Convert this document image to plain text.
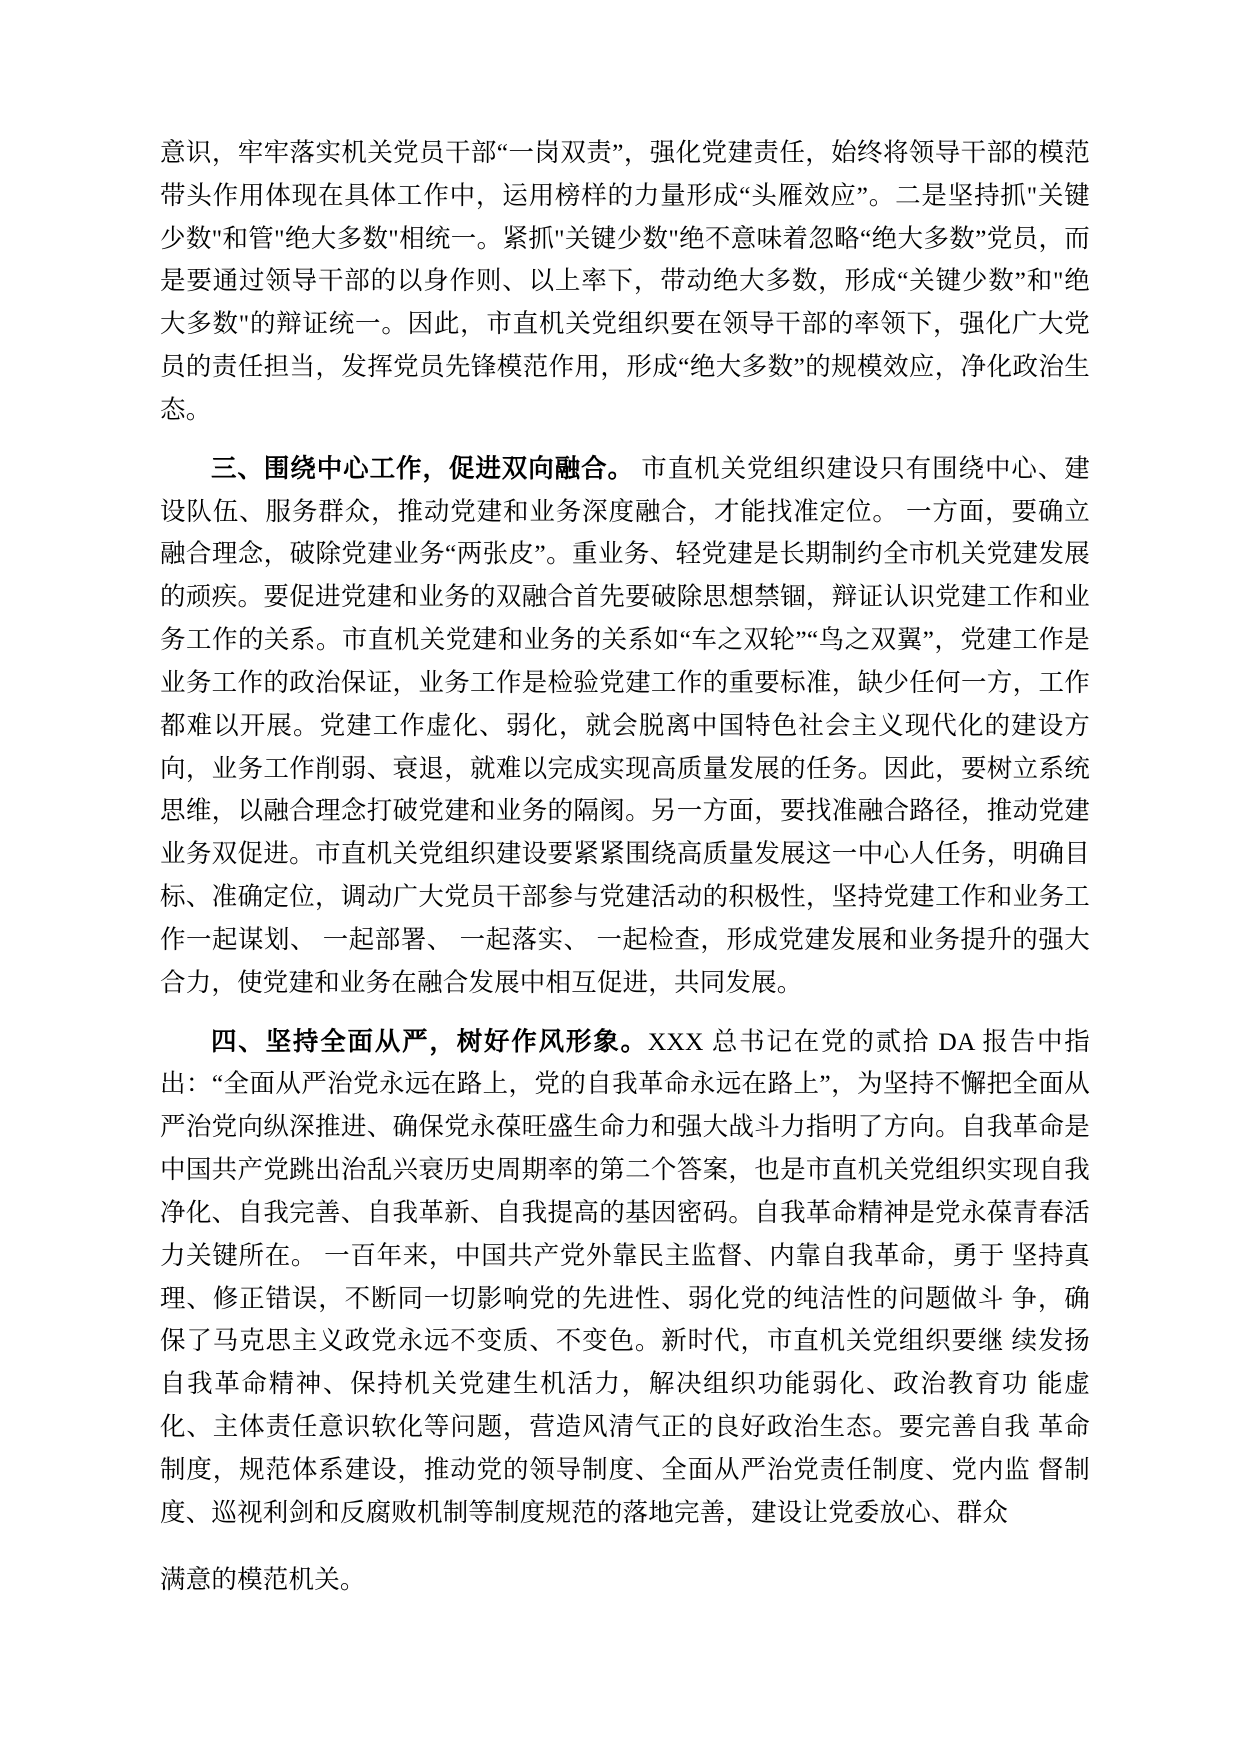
意识，牢牢落实机关党员干部“一岗双责”，强化党建责任，始终将领导干部的模范带头作用体现在具体工作中，运用榜样的力量形成“头雁效应”。二是坚持抓"关键少数"和管"绝大多数"相统一。紧抓"关键少数"绝不意味着忽略“绝大多数”党员，而是要通过领导干部的以身作则、以上率下，带动绝大多数，形成“关键少数”和"绝大多数"的辩证统一。因此，市直机关党组织要在领导干部的率领下，强化广大党员的责任担当，发挥党员先锋模范作用，形成“绝大多数”的规模效应，净化政治生态。

三、围绕中心工作，促进双向融合。 市直机关党组织建设只有围绕中心、建设队伍、服务群众，推动党建和业务深度融合，才能找准定位。 一方面，要确立融合理念，破除党建业务“两张皮”。重业务、轻党建是长期制约全市机关党建发展的顽疾。要促进党建和业务的双融合首先要破除思想禁锢，辩证认识党建工作和业务工作的关系。市直机关党建和业务的关系如“车之双轮”“鸟之双翼”，党建工作是业务工作的政治保证，业务工作是检验党建工作的重要标准，缺少任何一方，工作都难以开展。党建工作虚化、弱化，就会脱离中国特色社会主义现代化的建设方向，业务工作削弱、衰退，就难以完成实现高质量发展的任务。因此，要树立系统思维，以融合理念打破党建和业务的隔阂。另一方面，要找准融合路径，推动党建业务双促进。市直机关党组织建设要紧紧围绕高质量发展这一中心人任务，明确目标、准确定位，调动广大党员干部参与党建活动的积极性，坚持党建工作和业务工作一起谋划、 一起部署、 一起落实、 一起检查，形成党建发展和业务提升的强大合力，使党建和业务在融合发展中相互促进，共同发展。

四、坚持全面从严，树好作风形象。XXX 总书记在党的贰拾 DA 报告中指出：“全面从严治党永远在路上，党的自我革命永远在路上”，为坚持不懈把全面从严治党向纵深推进、确保党永葆旺盛生命力和强大战斗力指明了方向。自我革命是中国共产党跳出治乱兴衰历史周期率的第二个答案，也是市直机关党组织实现自我净化、自我完善、自我革新、自我提高的基因密码。自我革命精神是党永葆青春活力关键所在。 一百年来，中国共产党外靠民主监督、内靠自我革命，勇于 坚持真理、修正错误，不断同一切影响党的先进性、弱化党的纯洁性的问题做斗 争，确保了马克思主义政党永远不变质、不变色。新时代，市直机关党组织要继 续发扬自我革命精神、保持机关党建生机活力，解决组织功能弱化、政治教育功 能虚化、主体责任意识软化等问题，营造风清气正的良好政治生态。要完善自我 革命制度，规范体系建设，推动党的领导制度、全面从严治党责任制度、党内监 督制度、巡视利剑和反腐败机制等制度规范的落地完善，建设让党委放心、群众

满意的模范机关。
